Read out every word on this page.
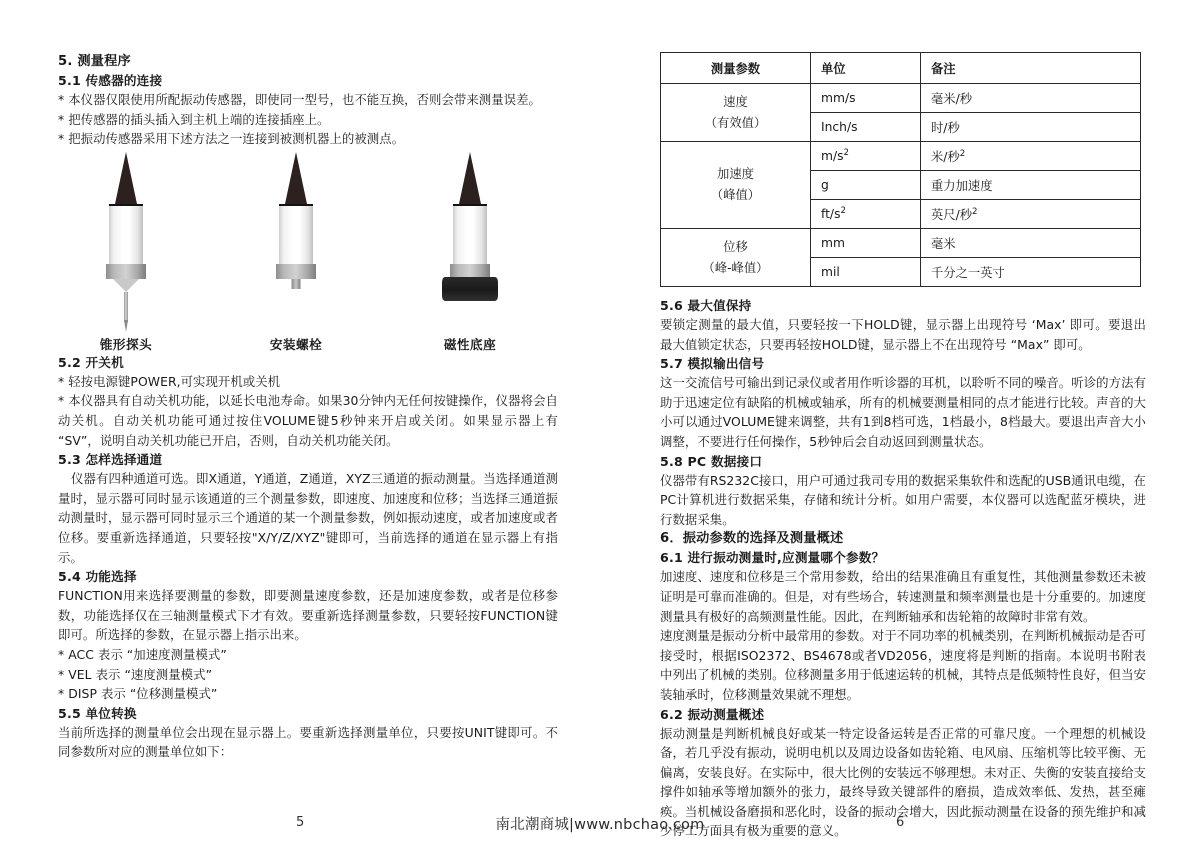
5. 测量程序
5.1 传感器的连接

* 本仪器仅限使用所配振动传感器，即使同一型号，也不能互换，否则会带来测量误差。

* 把传感器的插头插入到主机上端的连接插座上。

* 把振动传感器采用下述方法之一连接到被测机器上的被测点。

锥形探头	安装螺栓	磁性底座
5.2 开关机

* 轻按电源键POWER,可实现开机或关机

* 本仪器具有自动关机功能，以延长电池寿命。如果30分钟内无任何按键操作，仪器将会自动关机。自动关机功能可通过按住VOLUME键5秒钟来开启或关闭。如果显示器上有 “SV”，说明自动关机功能已开启，否则，自动关机功能关闭。

5.3 怎样选择通道

仪器有四种通道可选。即X通道，Y通道，Z通道，XYZ三通道的振动测量。当选择通道测量时，显示器可同时显示该通道的三个测量参数，即速度、加速度和位移；当选择三通道振动测量时，显示器可同时显示三个通道的某一个测量参数，例如振动速度，或者加速度或者位移。要重新选择通道，只要轻按"X/Y/Z/XYZ"键即可，当前选择的通道在显示器上有指示。

5.4 功能选择

FUNCTION用来选择要测量的参数，即要测量速度参数，还是加速度参数，或者是位移参数，功能选择仅在三轴测量模式下才有效。要重新选择测量参数，只要轻按FUNCTION键即可。所选择的参数，在显示器上指示出来。

* ACC 表示 “加速度测量模式”

* VEL 表示 “速度测量模式”

* DISP 表示 “位移测量模式”

5.5 单位转换

当前所选择的测量单位会出现在显示器上。要重新选择测量单位，只要按UNIT键即可。不同参数所对应的测量单位如下：

测量参数	单位	备注
速度
（有效值）	mm/s	毫米/秒
	Inch/s	时/秒
加速度
（峰值）	$m/s^2$	米/秒$^2$
	g	重力加速度
	$ft/s^2$	英尺/秒$^2$
位移
（峰-峰值）	mm	毫米
	mil	千分之一英寸
5.6 最大值保持

要锁定测量的最大值，只要轻按一下HOLD键，显示器上出现符号 ‘Max’ 即可。要退出最大值锁定状态，只要再轻按HOLD键，显示器上不在出现符号 “Max” 即可。

5.7 模拟输出信号

这一交流信号可输出到记录仪或者用作听诊器的耳机，以聆听不同的噪音。听诊的方法有助于迅速定位有缺陷的机械或轴承，所有的机械要测量相同的点才能进行比较。声音的大小可以通过VOLUME键来调整，共有1到8档可选，1档最小，8档最大。要退出声音大小调整，不要进行任何操作，5秒钟后会自动返回到测量状态。

5.8 PC 数据接口

仪器带有RS232C接口，用户可通过我司专用的数据采集软件和选配的USB通讯电缆，在PC计算机进行数据采集，存储和统计分析。如用户需要，本仪器可以选配蓝牙模块，进行数据采集。

6．振动参数的选择及测量概述
6.1 进行振动测量时,应测量哪个参数？

加速度、速度和位移是三个常用参数，给出的结果准确且有重复性，其他测量参数还未被证明是可靠而准确的。但是，对有些场合，转速测量和频率测量也是十分重要的。加速度测量具有极好的高频测量性能。因此，在判断轴承和齿轮箱的故障时非常有效。

速度测量是振动分析中最常用的参数。对于不同功率的机械类别，在判断机械振动是否可接受时，根据ISO2372、BS4678或者VD2056，速度将是判断的指南。本说明书附表中列出了机械的类别。位移测量多用于低速运转的机械，其特点是低频特性良好，但当安装轴承时，位移测量效果就不理想。

6.2 振动测量概述

振动测量是判断机械良好或某一特定设备运转是否正常的可靠尺度。一个理想的机械设备，若几乎没有振动，说明电机以及周边设备如齿轮箱、电风扇、压缩机等比较平衡、无偏离，安装良好。在实际中，很大比例的安装远不够理想。未对正、失衡的安装直接给支撑件如轴承等增加额外的张力，最终导致关键部件的磨损，造成效率低、发热，甚至瘫痪。当机械设备磨损和恶化时，设备的振动会增大，因此振动测量在设备的预先维护和减少停工方面具有极为重要的意义。

5	6
南北潮商城|www.nbchao.com
